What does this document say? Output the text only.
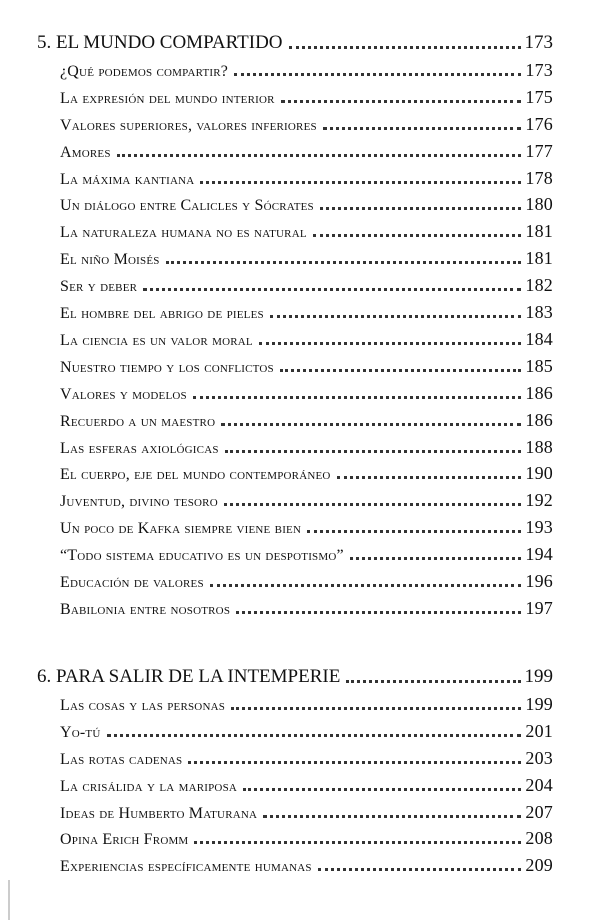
5. EL MUNDO COMPARTIDO	173
¿Qué podemos compartir?	173
La expresión del mundo interior	175
Valores superiores, valores inferiores	176
Amores	177
La máxima kantiana	178
Un diálogo entre Calicles y Sócrates	180
La naturaleza humana no es natural	181
El niño Moisés	181
Ser y deber	182
El hombre del abrigo de pieles	183
La ciencia es un valor moral	184
Nuestro tiempo y los conflictos	185
Valores y modelos	186
Recuerdo a un maestro	186
Las esferas axiológicas	188
El cuerpo, eje del mundo contemporáneo	190
Juventud, divino tesoro	192
Un poco de Kafka siempre viene bien	193
“Todo sistema educativo es un despotismo”	194
Educación de valores	196
Babilonia entre nosotros	197
6. PARA SALIR DE LA INTEMPERIE	199
Las cosas y las personas	199
Yo-tú	201
Las rotas cadenas	203
La crisálida y la mariposa	204
Ideas de Humberto Maturana	207
Opina Erich Fromm	208
Experiencias específicamente humanas	209
